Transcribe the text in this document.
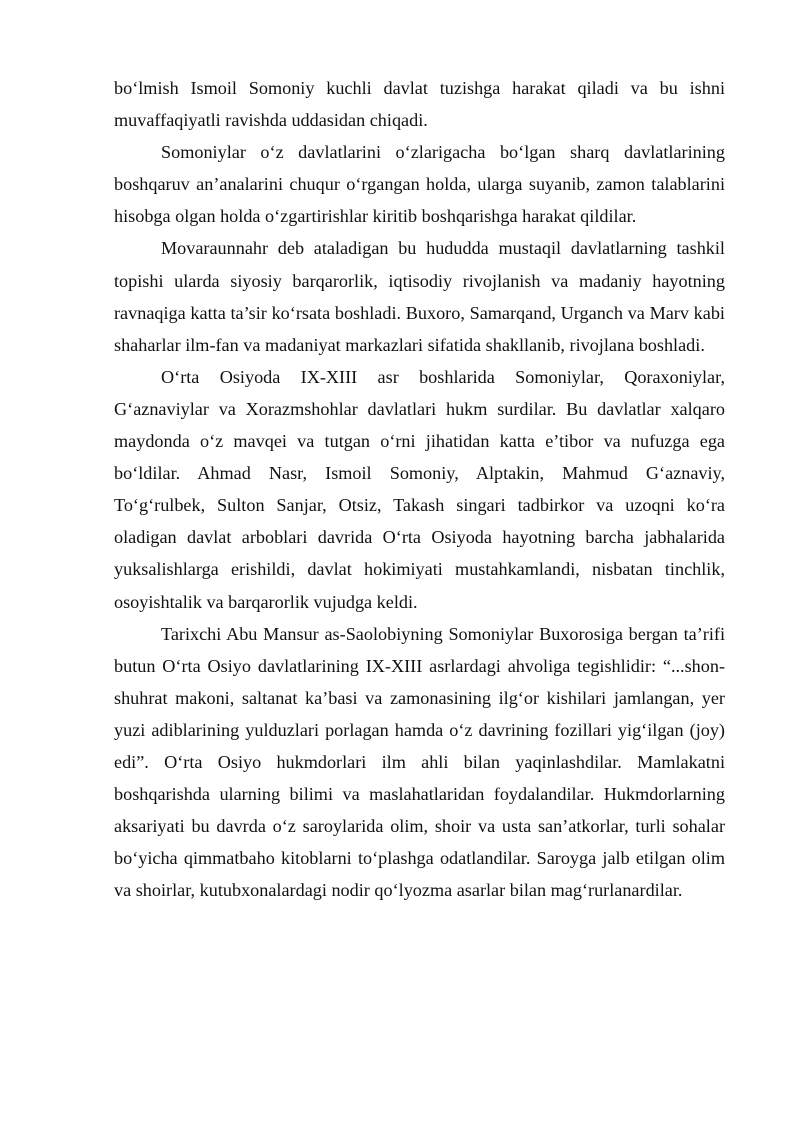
bo‘lmish Ismoil Somoniy kuchli davlat tuzishga harakat qiladi va bu ishni muvaffaqiyatli ravishda uddasidan chiqadi.

Somoniylar o‘z davlatlarini o‘zlarigacha bo‘lgan sharq davlatlarining boshqaruv an’analarini chuqur o‘rgangan holda, ularga suyanib, zamon talablarini hisobga olgan holda o‘zgartirishlar kiritib boshqarishga harakat qildilar.

Movaraunnahr deb ataladigan bu hududda mustaqil davlatlarning tashkil topishi ularda siyosiy barqarorlik, iqtisodiy rivojlanish va madaniy hayotning ravnaqiga katta ta’sir ko‘rsata boshladi. Buxoro, Samarqand, Urganch va Marv kabi shaharlar ilm-fan va madaniyat markazlari sifatida shakllanib, rivojlana boshladi.

O‘rta Osiyoda IX-XIII asr boshlarida Somoniylar, Qoraxoniylar, G‘aznaviylar va Xorazmshohlar davlatlari hukm surdilar. Bu davlatlar xalqaro maydonda o‘z mavqei va tutgan o‘rni jihatidan katta e’tibor va nufuzga ega bo‘ldilar. Ahmad Nasr, Ismoil Somoniy, Alptakin, Mahmud G‘aznaviy, To‘g‘rulbek, Sulton Sanjar, Otsiz, Takash singari tadbirkor va uzoqni ko‘ra oladigan davlat arboblari davrida O‘rta Osiyoda hayotning barcha jabhalarida yuksalishlarga erishildi, davlat hokimiyati mustahkamlandi, nisbatan tinchlik, osoyishtalik va barqarorlik vujudga keldi.

Tarixchi Abu Mansur as-Saolobiyning Somoniylar Buxorosiga bergan ta’rifi butun O‘rta Osiyo davlatlarining IX-XIII asrlardagi ahvoliga tegishlidir: “...shon-shuhrat makoni, saltanat ka’basi va zamonasining ilg‘or kishilari jamlangan, yer yuzi adiblarining yulduzlari porlagan hamda o‘z davrining fozillari yig‘ilgan (joy) edi”. O‘rta Osiyo hukmdorlari ilm ahli bilan yaqinlashdilar. Mamlakatni boshqarishda ularning bilimi va maslahatlaridan foydalandilar. Hukmdorlarning aksariyati bu davrda o‘z saroylarida olim, shoir va usta san’atkorlar, turli sohalar bo‘yicha qimmatbaho kitoblarni to‘plashga odatlandilar. Saroyga jalb etilgan olim va shoirlar, kutubxonalardagi nodir qo‘lyozma asarlar bilan mag‘rurlanardilar.
